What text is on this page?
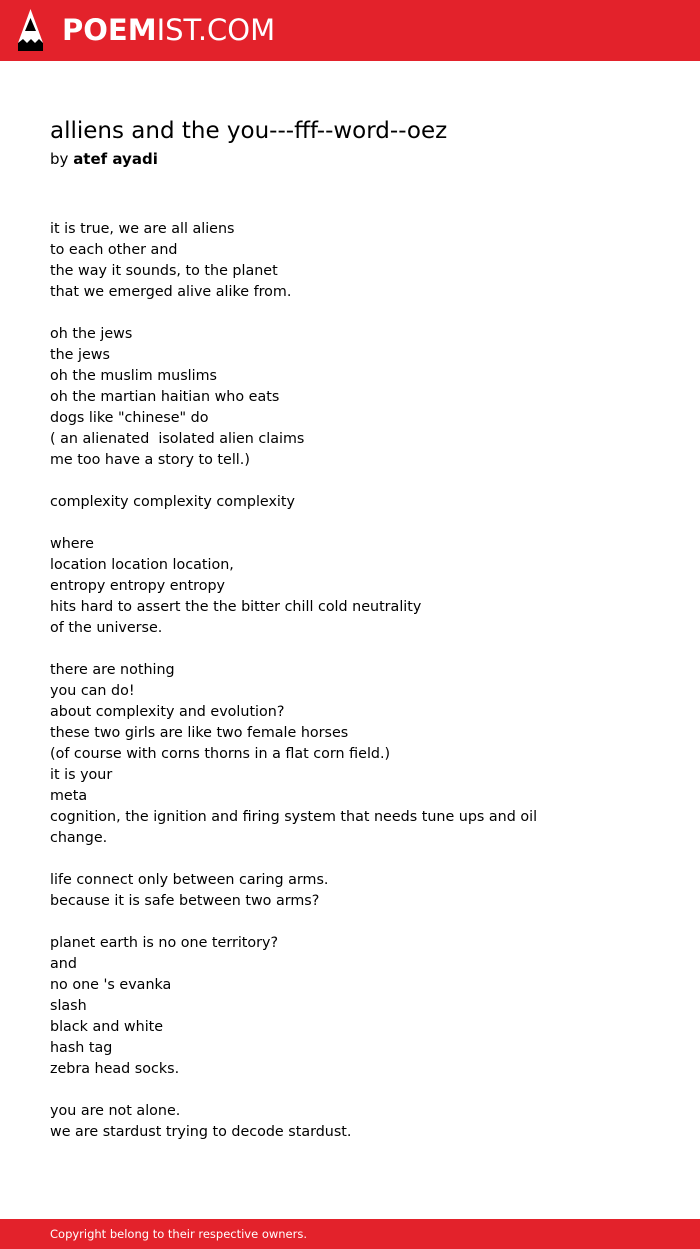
POEMIST.COM
alliens and the you---fff--word--oez
by atef ayadi
it is true, we are all aliens
to each other and
the way it sounds, to the planet
that we emerged alive alike from.

oh the jews
the jews
oh the muslim muslims
oh the martian haitian who eats
dogs like "chinese" do
( an alienated  isolated alien claims
me too have a story to tell.)

complexity complexity complexity

where
location location location,
entropy entropy entropy
hits hard to assert the the bitter chill cold neutrality
of the universe.

there are nothing
you can do!
about complexity and evolution?
these two girls are like two female horses
(of course with corns thorns in a flat corn field.)
it is your
meta
cognition, the ignition and firing system that needs tune ups and oil
change.

life connect only between caring arms.
because it is safe between two arms?

planet earth is no one territory?
and
no one 's evanka
slash
black and white
hash tag
zebra head socks.

you are not alone.
we are stardust trying to decode stardust.
Copyright belong to their respective owners.
